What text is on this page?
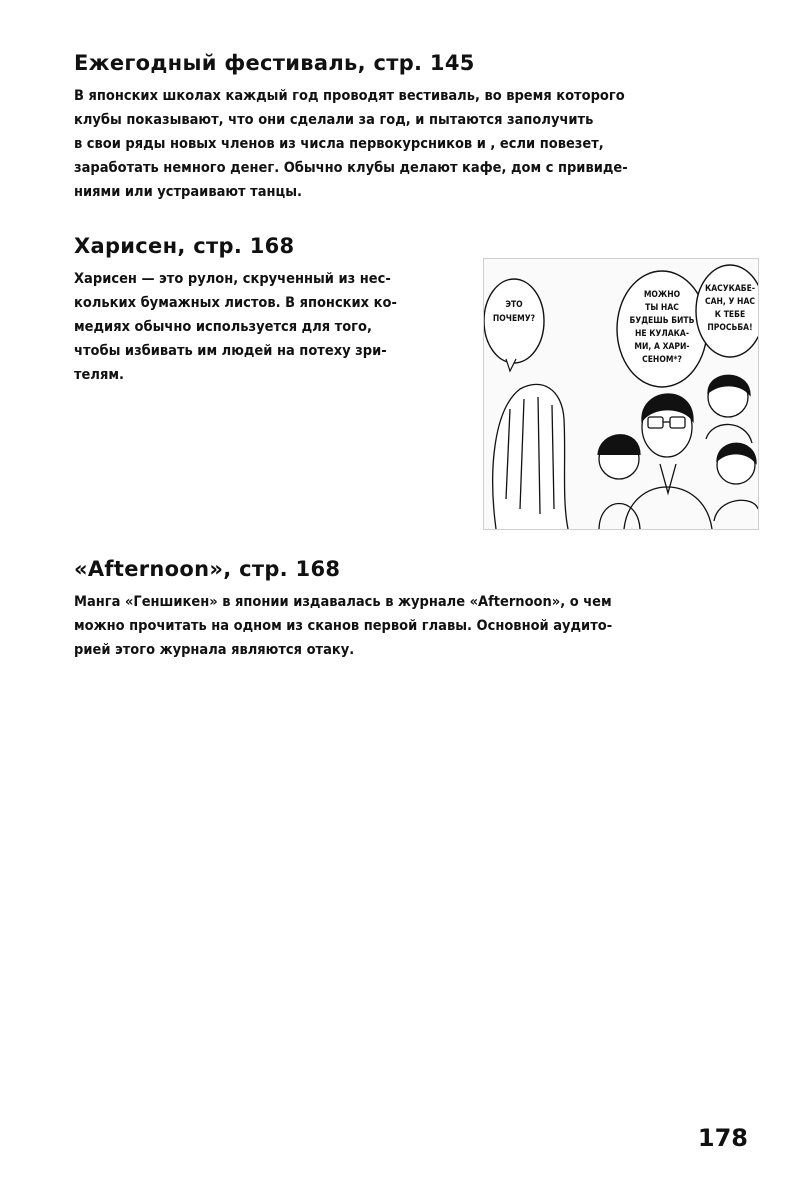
Ежегодный фестиваль, стр. 145

В японских школах каждый год проводят вестиваль, во время которого
клубы показывают, что они сделали за год, и пытаются заполучить
в свои ряды новых членов из числа первокурсников и , если повезет,
заработать немного денег. Обычно клубы делают кафе, дом с привиде-
ниями или устраивают танцы.

Харисен, стр. 168

Харисен — это рулон, скрученный из нес-
кольких бумажных листов. В японских ко-
медиях обычно используется для того,
чтобы избивать им людей на потеху зри-
телям.

ЭТО
ПОЧЕМУ?
МОЖНО
ТЫ НАС
БУДЕШЬ БИТЬ
НЕ КУЛАКА-
МИ, А ХАРИ-
СЕНОМ*?
КАСУКАБЕ-
САН, У НАС
К ТЕБЕ
ПРОСЬБА!
«Afternoon», стр. 168

Манга «Геншикен» в японии издавалась в журнале «Afternoon», о чем
можно прочитать на одном из сканов первой главы. Основной аудито-
рией этого журнала являются отаку.

178
